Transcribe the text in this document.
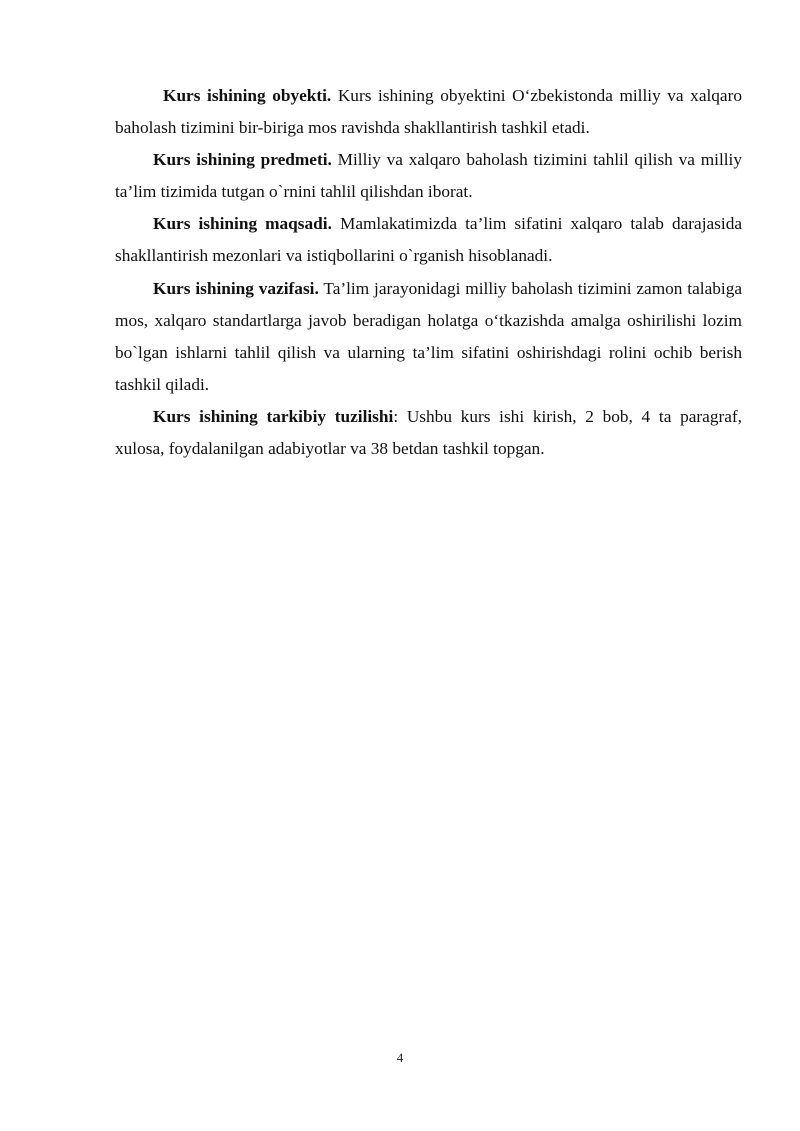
Kurs ishining obyekti. Kurs ishining obyektini O‘zbekistonda milliy va xalqaro baholash tizimini bir-biriga mos ravishda shakllantirish tashkil etadi.

Kurs ishining predmeti. Milliy va xalqaro baholash tizimini tahlil qilish va milliy ta’lim tizimida tutgan o`rnini tahlil qilishdan iborat.

Kurs ishining maqsadi. Mamlakatimizda ta’lim sifatini xalqaro talab darajasida shakllantirish mezonlari va istiqbollarini o`rganish hisoblanadi.

Kurs ishining vazifasi. Ta’lim jarayonidagi milliy baholash tizimini zamon talabiga mos, xalqaro standartlarga javob beradigan holatga o‘tkazishda amalga oshirilishi lozim bo`lgan ishlarni tahlil qilish va ularning ta’lim sifatini oshirishdagi rolini ochib berish tashkil qiladi.

Kurs ishining tarkibiy tuzilishi: Ushbu kurs ishi kirish, 2 bob, 4 ta paragraf, xulosa, foydalanilgan adabiyotlar va 38 betdan tashkil topgan.

4
